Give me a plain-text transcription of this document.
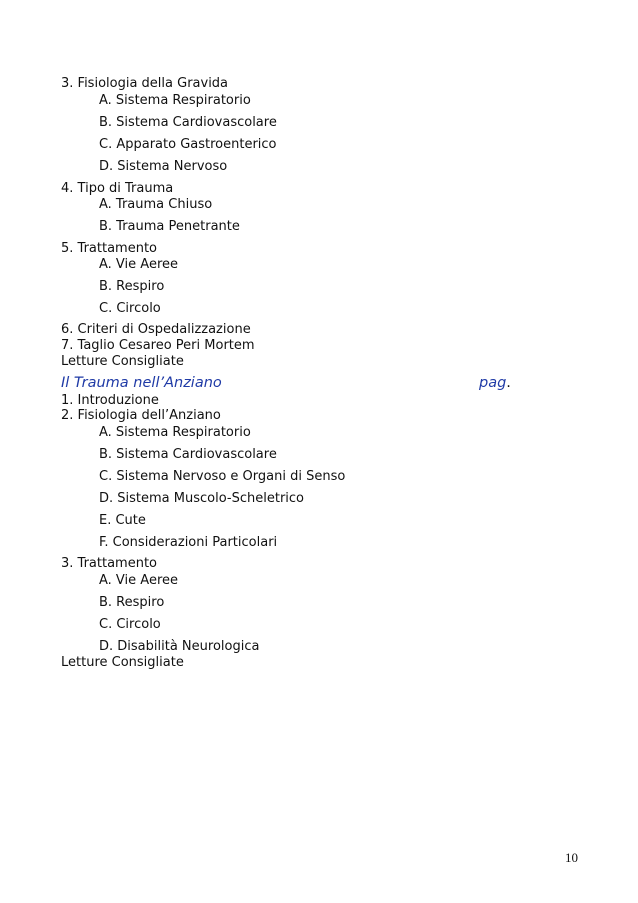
3. Fisiologia della Gravida
A. Sistema Respiratorio
B. Sistema Cardiovascolare
C. Apparato Gastroenterico
D. Sistema Nervoso
4. Tipo di Trauma
A. Trauma Chiuso
B. Trauma Penetrante
5. Trattamento
A. Vie Aeree
B. Respiro
C. Circolo
6. Criteri di Ospedalizzazione
7. Taglio Cesareo Peri Mortem
Letture Consigliate
Il Trauma nell’Anziano	pag.
1. Introduzione
2. Fisiologia dell’Anziano
A. Sistema Respiratorio
B. Sistema Cardiovascolare
C. Sistema Nervoso e Organi di Senso
D. Sistema Muscolo-Scheletrico
E. Cute
F. Considerazioni Particolari
3. Trattamento
A. Vie Aeree
B. Respiro
C. Circolo
D. Disabilità Neurologica
Letture Consigliate
10
